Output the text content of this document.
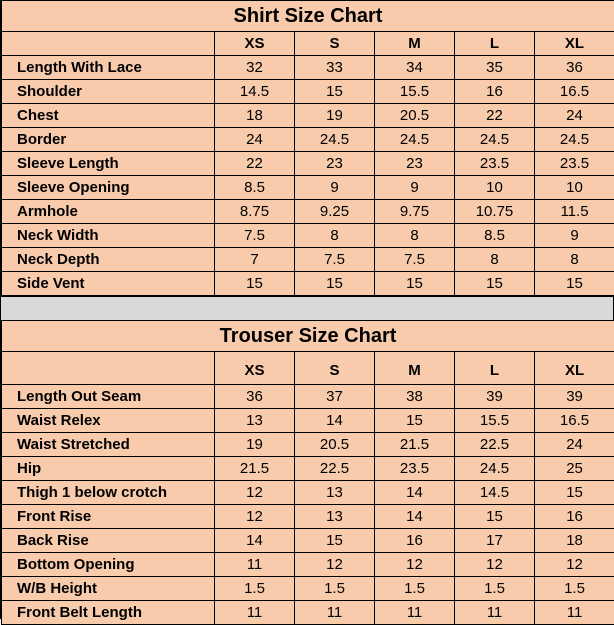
Shirt Size Chart					
	XS	S	M	L	XL
Length With Lace	32	33	34	35	36
Shoulder	14.5	15	15.5	16	16.5
Chest	18	19	20.5	22	24
Border	24	24.5	24.5	24.5	24.5
Sleeve Length	22	23	23	23.5	23.5
Sleeve Opening	8.5	9	9	10	10
Armhole	8.75	9.25	9.75	10.75	11.5
Neck Width	7.5	8	8	8.5	9
Neck Depth	7	7.5	7.5	8	8
Side Vent	15	15	15	15	15
Trouser Size Chart					
	XS	S	M	L	XL
Length Out Seam	36	37	38	39	39
Waist Relex	13	14	15	15.5	16.5
Waist Stretched	19	20.5	21.5	22.5	24
Hip	21.5	22.5	23.5	24.5	25
Thigh 1 below crotch	12	13	14	14.5	15
Front Rise	12	13	14	15	16
Back Rise	14	15	16	17	18
Bottom Opening	11	12	12	12	12
W/B Height	1.5	1.5	1.5	1.5	1.5
Front Belt Length	11	11	11	11	11
